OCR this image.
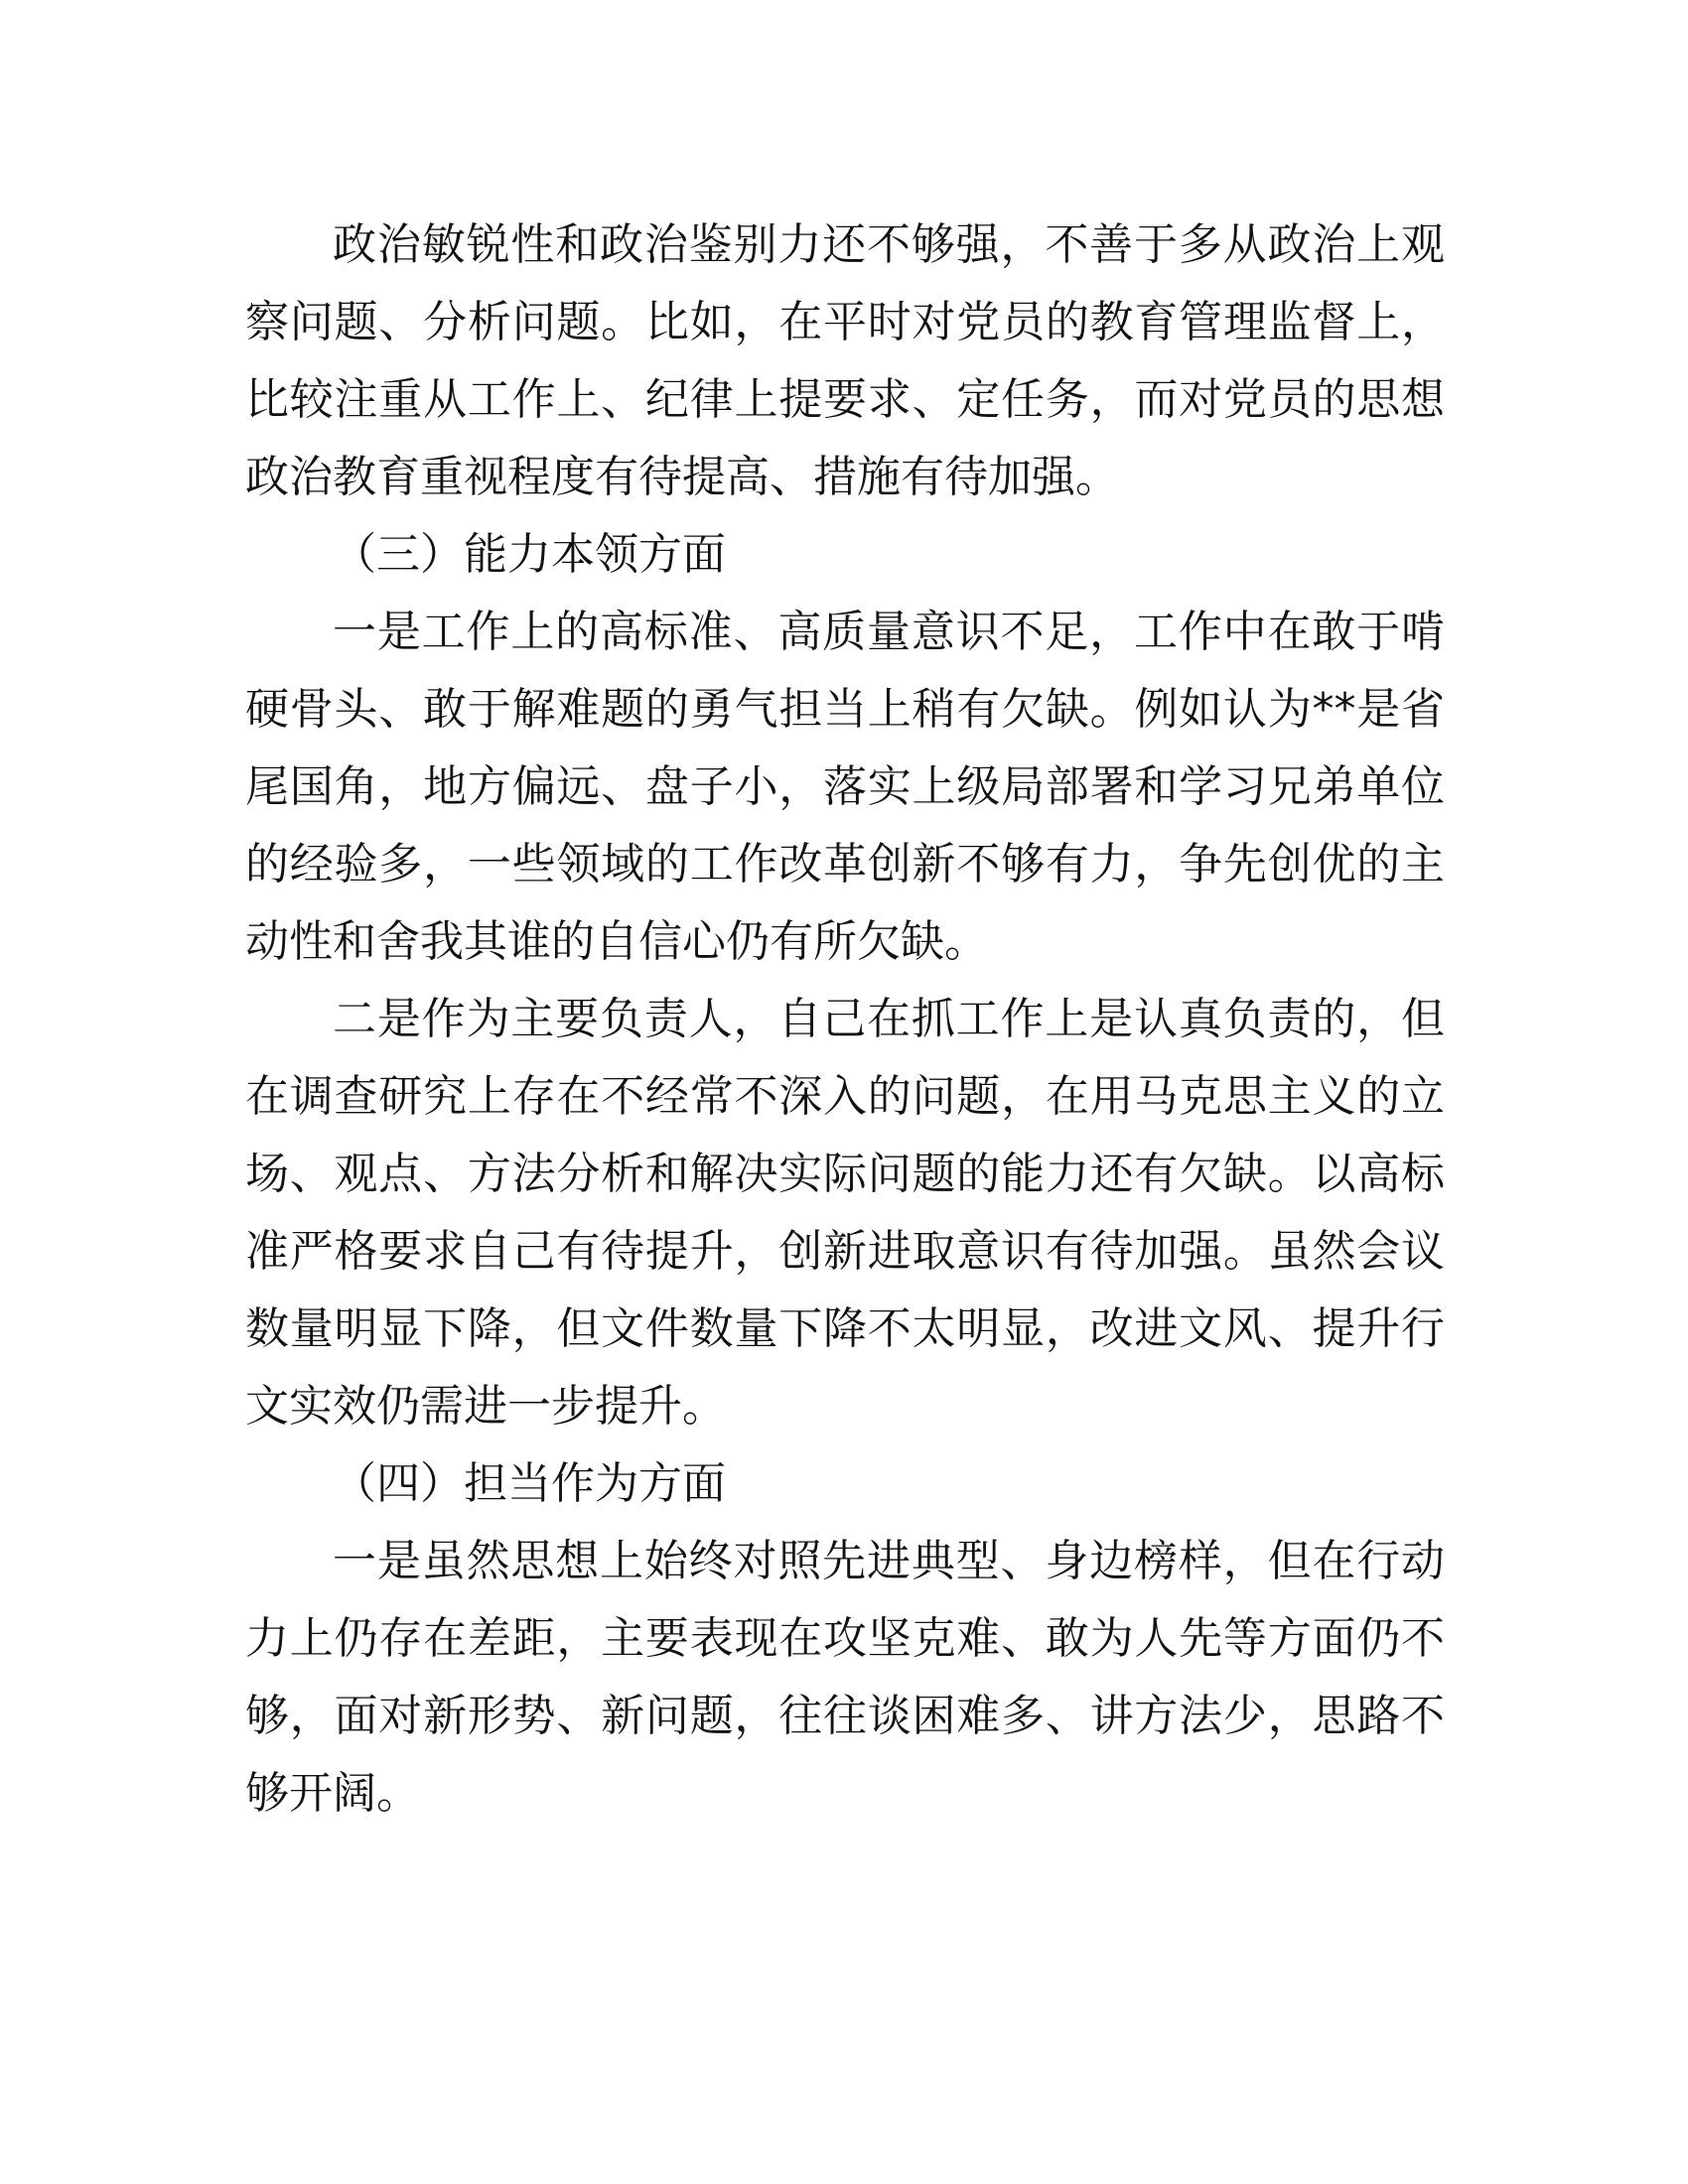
政治敏锐性和政治鉴别力还不够强，不善于多从政治上观察问题、分析问题。比如，在平时对党员的教育管理监督上，比较注重从工作上、纪律上提要求、定任务，而对党员的思想政治教育重视程度有待提高、措施有待加强。

（三）能力本领方面

一是工作上的高标准、高质量意识不足，工作中在敢于啃硬骨头、敢于解难题的勇气担当上稍有欠缺。例如认为**是省尾国角，地方偏远、盘子小，落实上级局部署和学习兄弟单位的经验多，一些领域的工作改革创新不够有力，争先创优的主动性和舍我其谁的自信心仍有所欠缺。

二是作为主要负责人，自己在抓工作上是认真负责的，但在调查研究上存在不经常不深入的问题，在用马克思主义的立场、观点、方法分析和解决实际问题的能力还有欠缺。以高标准严格要求自己有待提升，创新进取意识有待加强。虽然会议数量明显下降，但文件数量下降不太明显，改进文风、提升行文实效仍需进一步提升。

（四）担当作为方面

一是虽然思想上始终对照先进典型、身边榜样，但在行动力上仍存在差距，主要表现在攻坚克难、敢为人先等方面仍不够，面对新形势、新问题，往往谈困难多、讲方法少，思路不够开阔。
